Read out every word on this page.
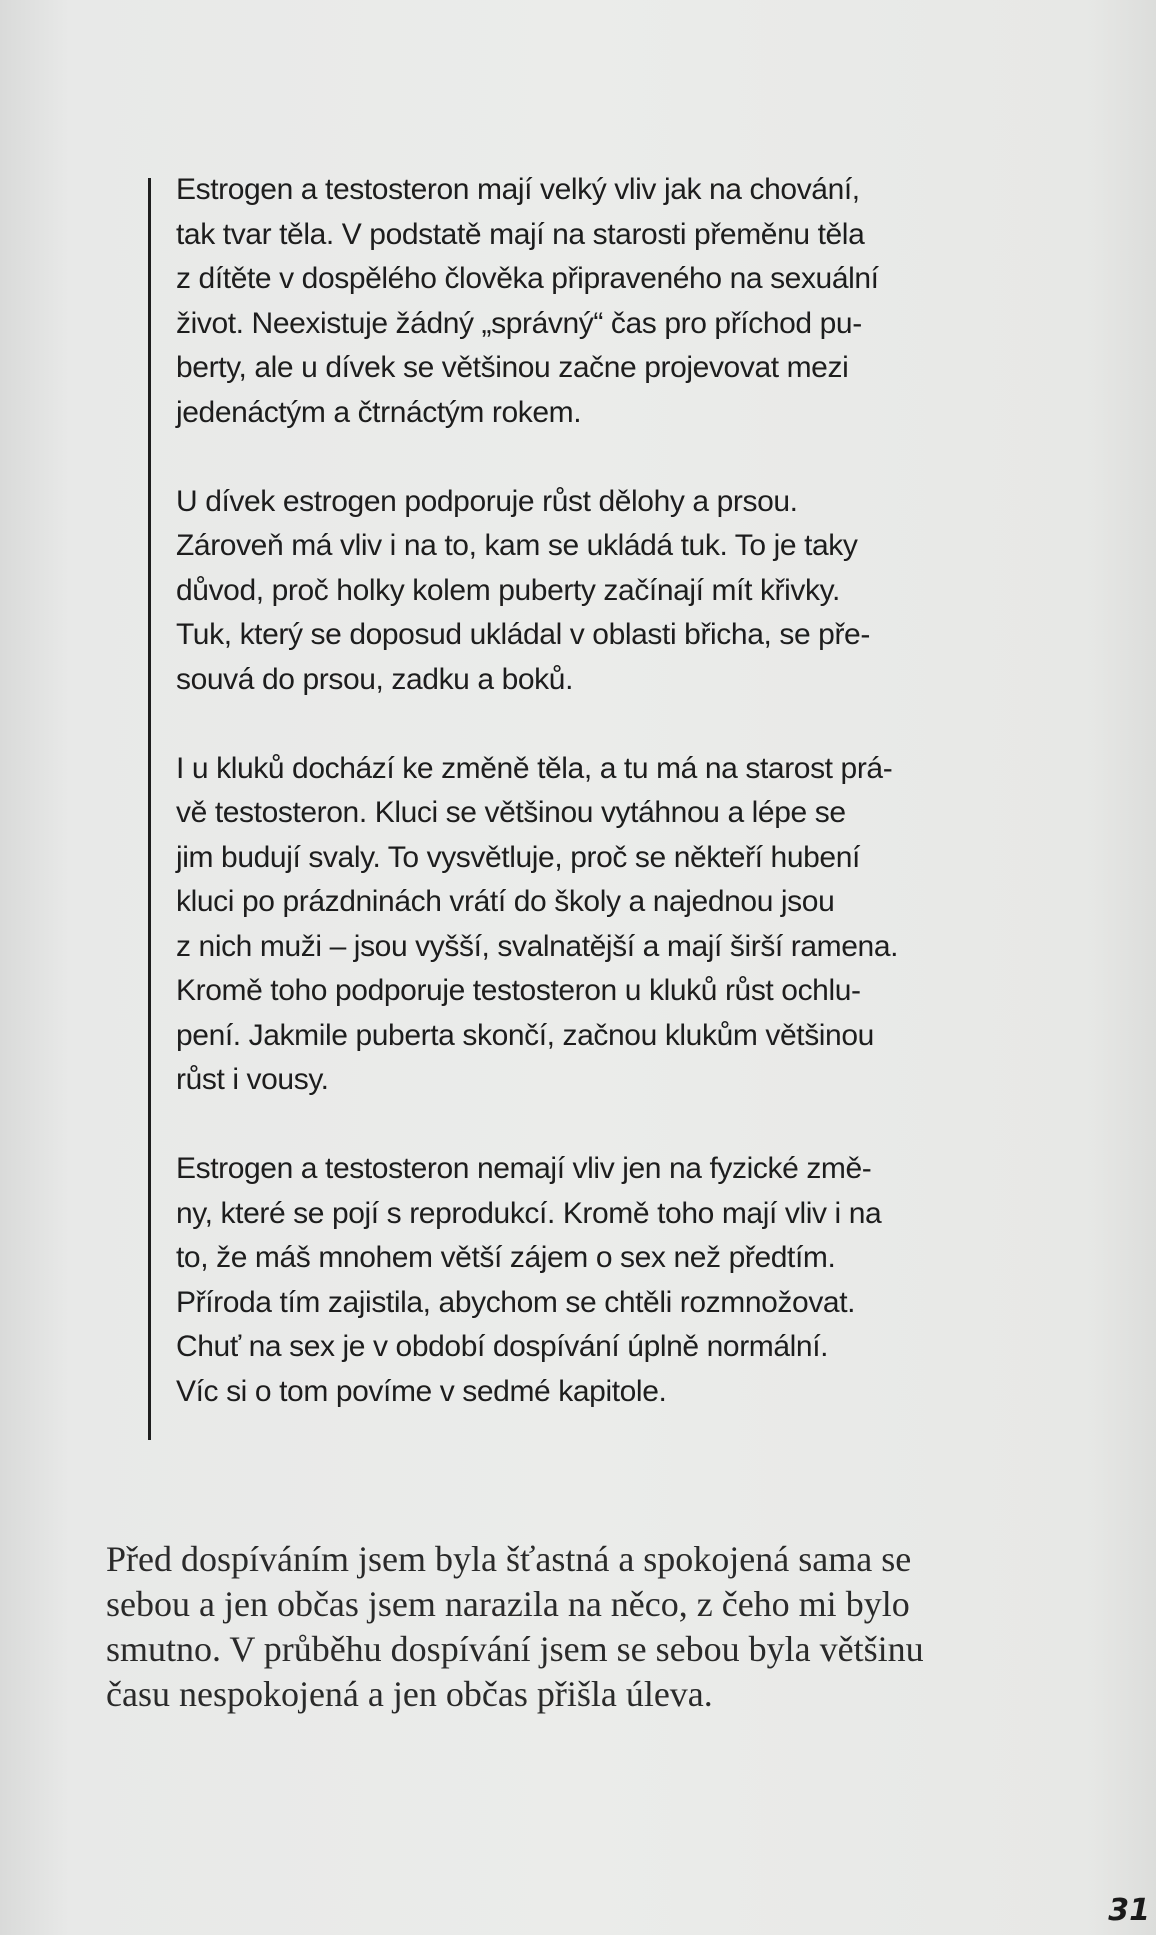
Estrogen a testosteron mají velký vliv jak na chování,
tak tvar těla. V podstatě mají na starosti přeměnu těla
z dítěte v dospělého člověka připraveného na sexuální
život. Neexistuje žádný „správný“ čas pro příchod pu-
berty, ale u dívek se většinou začne projevovat mezi
jedenáctým a čtrnáctým rokem.

U dívek estrogen podporuje růst dělohy a prsou.
Zároveň má vliv i na to, kam se ukládá tuk. To je taky
důvod, proč holky kolem puberty začínají mít křivky.
Tuk, který se doposud ukládal v oblasti břicha, se pře-
souvá do prsou, zadku a boků.

I u kluků dochází ke změně těla, a tu má na starost prá-
vě testosteron. Kluci se většinou vytáhnou a lépe se
jim budují svaly. To vysvětluje, proč se někteří hubení
kluci po prázdninách vrátí do školy a najednou jsou
z nich muži – jsou vyšší, svalnatější a mají širší ramena.
Kromě toho podporuje testosteron u kluků růst ochlu-
pení. Jakmile puberta skončí, začnou klukům většinou
růst i vousy.

Estrogen a testosteron nemají vliv jen na fyzické změ-
ny, které se pojí s reprodukcí. Kromě toho mají vliv i na
to, že máš mnohem větší zájem o sex než předtím.
Příroda tím zajistila, abychom se chtěli rozmnožovat.
Chuť na sex je v období dospívání úplně normální.
Víc si o tom povíme v sedmé kapitole.

Před dospíváním jsem byla šťastná a spokojená sama se
sebou a jen občas jsem narazila na něco, z čeho mi bylo
smutno. V průběhu dospívání jsem se sebou byla většinu
času nespokojená a jen občas přišla úleva.

31
